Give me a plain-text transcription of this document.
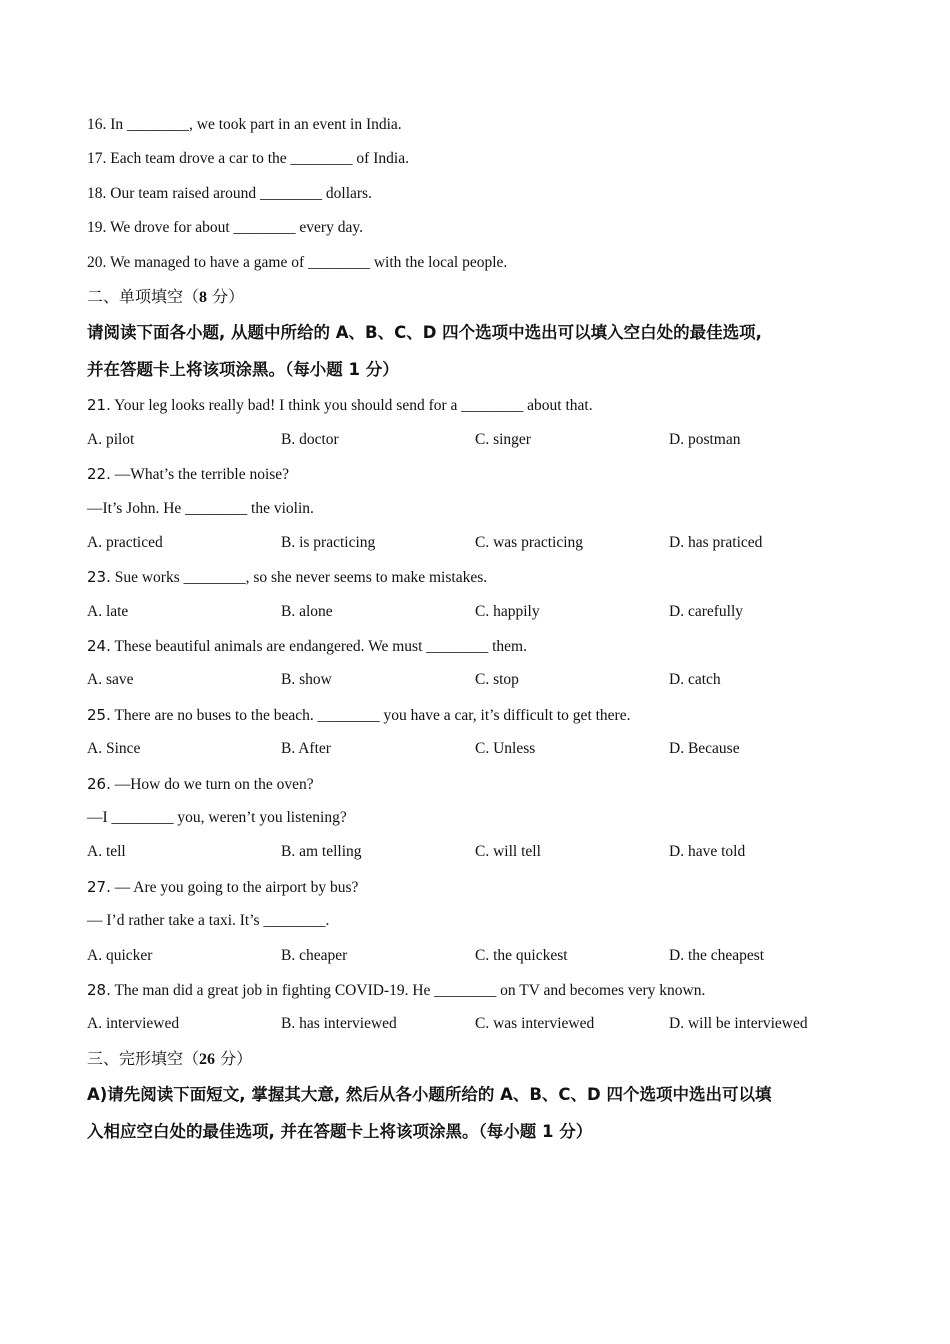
16. In ________, we took part in an event in India.
17. Each team drove a car to the ________ of India.
18. Our team raised around ________ dollars.
19. We drove for about ________ every day.
20. We managed to have a game of ________ with the local people.
二、单项填空（8 分）
请阅读下面各小题, 从题中所给的 A、B、C、D 四个选项中选出可以填入空白处的最佳选项,
并在答题卡上将该项涂黑。（每小题 1 分）
21. Your leg looks really bad! I think you should send for a ________ about that.
A. pilot	B. doctor	C. singer	D. postman
22. —What’s the terrible noise?
—It’s John. He ________ the violin.
A. practiced	B. is practicing	C. was practicing	D. has praticed
23. Sue works ________, so she never seems to make mistakes.
A. late	B. alone	C. happily	D. carefully
24. These beautiful animals are endangered. We must ________ them.
A. save	B. show	C. stop	D. catch
25. There are no buses to the beach. ________ you have a car, it’s difficult to get there.
A. Since	B. After	C. Unless	D. Because
26. —How do we turn on the oven?
—I ________ you, weren’t you listening?
A. tell	B. am telling	C. will tell	D. have told
27. — Are you going to the airport by bus?
— I’d rather take a taxi. It’s ________.
A. quicker	B. cheaper	C. the quickest	D. the cheapest
28. The man did a great job in fighting COVID-19. He ________ on TV and becomes very known.
A. interviewed	B. has interviewed	C. was interviewed	D. will be interviewed
三、完形填空（26 分）
A)请先阅读下面短文, 掌握其大意, 然后从各小题所给的 A、B、C、D 四个选项中选出可以填
入相应空白处的最佳选项, 并在答题卡上将该项涂黑。（每小题 1 分）
